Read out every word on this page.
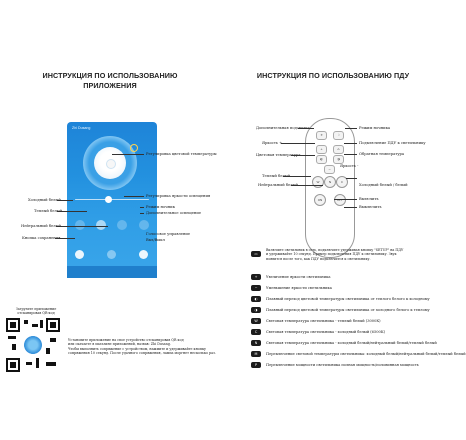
ИНСТРУКЦИЯ ПО ИСПОЛЬЗОВАНИЮ
ПРИЛОЖЕНИЯ
Zhi Dusang
Регулировка цветовой температуры
Регулировка яркости освещения
Режим ночник
Дополнительное освещение
Голосовое управление
Вкл/Выкл
Холодный белый
Теплый белый
Нейтральный белый
Кнопка сохранения
Загрузите приложение
отсканировав QR-код
Установите приложение на свое устройство отсканировав QR код
или скачаете в магазине приложений, назвав: Zhi Dusang.
Чтобы выполнить сопряжение с устройством, нажмите и удерживайте кнопку
сопряжения 10 секунд. После удачного сопряжения, лампа моргнет несколько раз.
ИНСТРУКЦИЯ ПО ИСПОЛЬЗОВАНИЮ ПДУ
☀	☽
+	⌂
◐	◑
−
W	N	C
ON	OFF
Дополнительная подсветка
Яркость +
Цветовая температура
Теплый белый
Нейтральный белый
Режим ночника
Подключение ПДУ к светильнику
Обратная температура
Яркость -
Холодный белый / белый
Включить
Выключить
▭
Включите светильник в сеть, подключите удерживая кнопку "SETUP" на ПДУ
и удерживайте 10 секунд. Пример подключения ПДУ к светильнику. Звук
появится после того, как ПДУ подключится к светильнику.
+	Увеличение яркости светильника
−	Уменьшение яркости светильника
◐	Плавный переход цветовой температуры светильника от теплого белого к холодному
◑	Плавный переход цветовой температуры светильника от холодного белого к теплому
W	Световая температура светильника - теплый белый (3000К)
C	Световая температура светильника - холодный белый (6500К)
N	Световая температура светильника - холодный белый/нейтральный белый/теплый белый
M	Переключение световой температуры светильника: холодный белый/нейтральный белый/теплый белый
P	Переключение мощности светильника полная мощность/половинная мощность
